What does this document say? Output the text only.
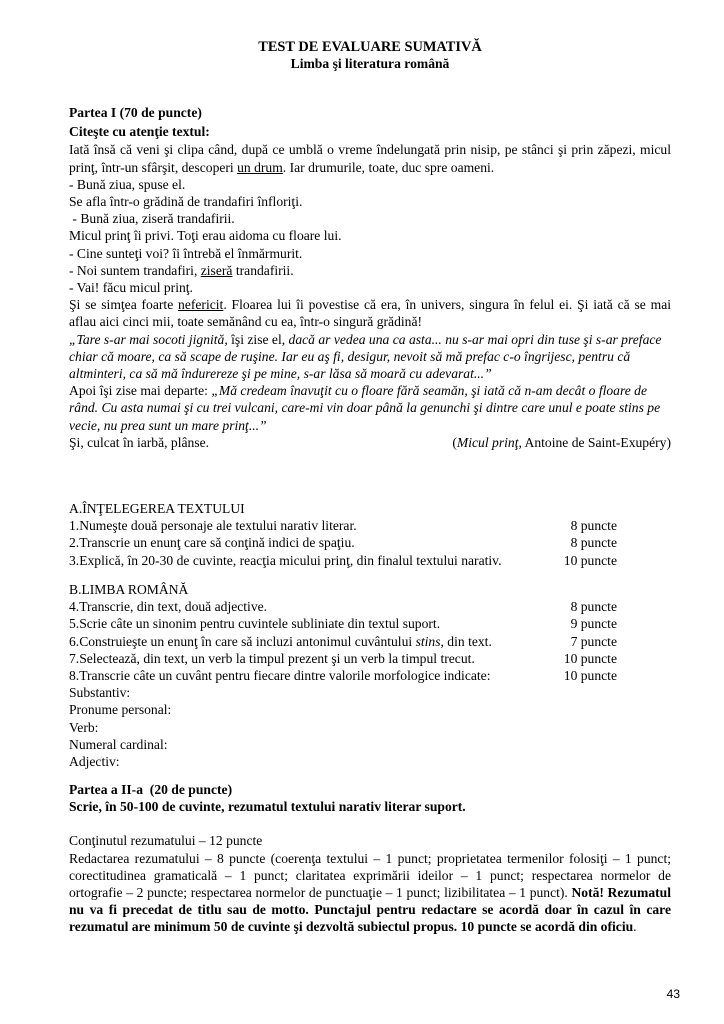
TEST DE EVALUARE SUMATIVĂ
Limba şi literatura română

Partea I (70 de puncte)

Citeşte cu atenţie textul:

Iată însă că veni şi clipa când, după ce umblă o vreme îndelungată prin nisip, pe stânci şi prin zăpezi, micul prinţ, într-un sfârşit, descoperi un drum. Iar drumurile, toate, duc spre oameni.

- Bună ziua, spuse el.

Se afla într-o grădină de trandafiri înfloriţi.

- Bună ziua, ziseră trandafirii.

Micul prinţ îi privi. Toţi erau aidoma cu floare lui.

- Cine sunteţi voi? îi întrebă el înmărmurit.

- Noi suntem trandafiri, ziseră trandafirii.

- Vai! făcu micul prinţ.

Şi se simţea foarte nefericit. Floarea lui îi povestise că era, în univers, singura în felul ei. Şi iată că se mai aflau aici cinci mii, toate semănând cu ea, într-o singură grădină!

„Tare s-ar mai socoti jignită, îşi zise el, dacă ar vedea una ca asta... nu s-ar mai opri din tuse şi s-ar preface chiar că moare, ca să scape de ruşine. Iar eu aş fi, desigur, nevoit să mă prefac c-o îngrijesc, pentru că altminteri, ca să mă îndurereze şi pe mine, s-ar lăsa să moară cu adevarat...”

Apoi îşi zise mai departe: „Mă credeam înavuţit cu o floare fără seamăn, şi iată că n-am decât o floare de rând. Cu asta numai şi cu trei vulcani, care-mi vin doar până la genunchi şi dintre care unul e poate stins pe vecie, nu prea sunt un mare prinţ...”

Şi, culcat în iarbă, plânse.	(Micul prinţ, Antoine de Saint-Exupéry)

A.ÎNŢELEGEREA TEXTULUI

1.Numeşte două personaje ale textului narativ literar.	8 puncte
2.Transcrie un enunţ care să conţină indici de spaţiu.	8 puncte
3.Explică, în 20-30 de cuvinte, reacţia micului prinţ, din finalul textului narativ.	10 puncte

B.LIMBA ROMÂNĂ

4.Transcrie, din text, două adjective.	8 puncte
5.Scrie câte un sinonim pentru cuvintele subliniate din textul suport.	9 puncte
6.Construieşte un enunţ în care să incluzi antonimul cuvântului stins, din text.	7 puncte
7.Selectează, din text, un verb la timpul prezent şi un verb la timpul trecut.	10 puncte
8.Transcrie câte un cuvânt pentru fiecare dintre valorile morfologice indicate:	10 puncte

Substantiv:

Pronume personal:

Verb:

Numeral cardinal:

Adjectiv:

Partea a II-a  (20 de puncte)

Scrie, în 50-100 de cuvinte, rezumatul textului narativ literar suport.

Conţinutul rezumatului – 12 puncte

Redactarea rezumatului – 8 puncte (coerenţa textului – 1 punct; proprietatea termenilor folosiţi – 1 punct; corectitudinea gramaticală – 1 punct; claritatea exprimării ideilor – 1 punct; respectarea normelor de ortografie – 2 puncte; respectarea normelor de punctuaţie – 1 punct; lizibilitatea – 1 punct). Notă! Rezumatul nu va fi precedat de titlu sau de motto. Punctajul pentru redactare se acordă doar în cazul în care rezumatul are minimum 50 de cuvinte şi dezvoltă subiectul propus. 10 puncte se acordă din oficiu.

43
